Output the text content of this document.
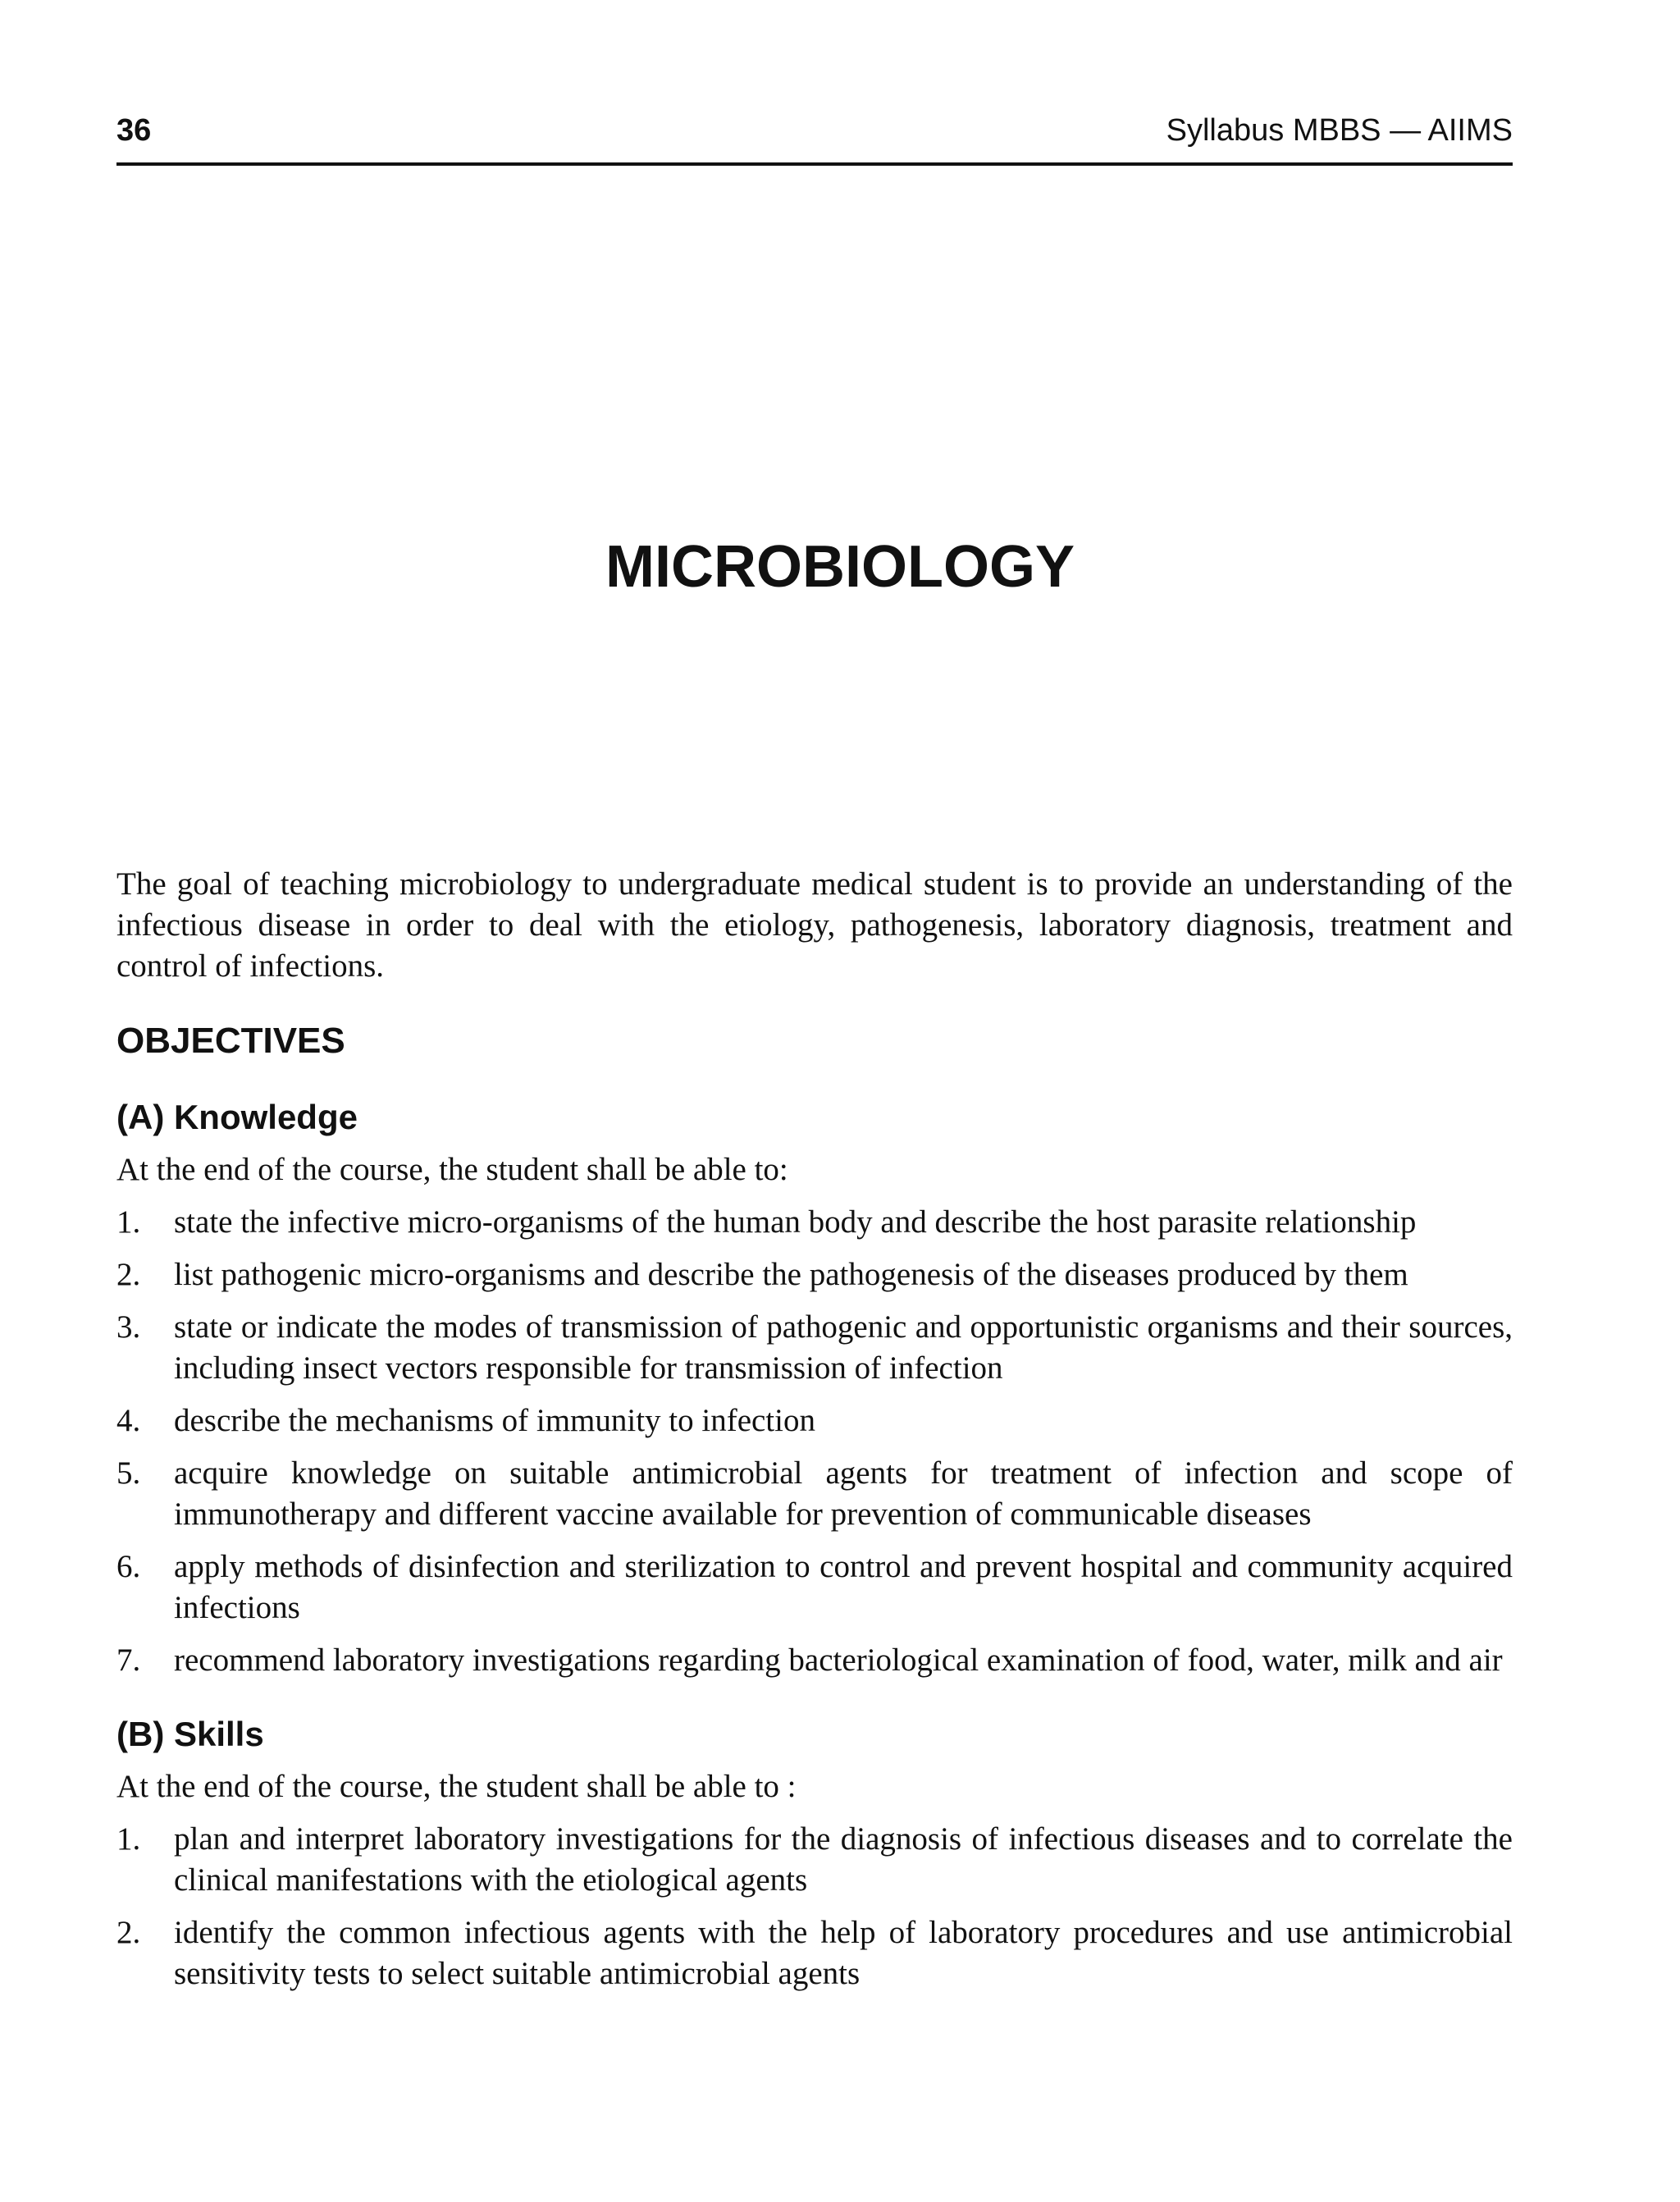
36	Syllabus MBBS — AIIMS
MICROBIOLOGY

The goal of teaching microbiology to undergraduate medical student is to provide an understanding of the infectious disease in order to deal with the etiology, pathogenesis, laboratory diagnosis, treatment and control of infections.

OBJECTIVES
(A) Knowledge

At the end of the course, the student shall be able to:

1. state the infective micro-organisms of the human body and describe the host parasite relationship
2. list pathogenic micro-organisms and describe the pathogenesis of the diseases produced by them
3. state or indicate the modes of transmission of pathogenic and opportunistic organisms and their sources, including insect vectors responsible for transmission of infection
4. describe the mechanisms of immunity to infection
5. acquire knowledge on suitable antimicrobial agents for treatment of infection and scope of immunotherapy and different vaccine available for prevention of communicable diseases
6. apply methods of disinfection and sterilization to control and prevent hospital and community acquired infections
7. recommend laboratory investigations regarding bacteriological examination of food, water, milk and air
(B) Skills

At the end of the course, the student shall be able to :

1. plan and interpret laboratory investigations for the diagnosis of infectious diseases and to correlate the clinical manifestations with the etiological agents
2. identify the common infectious agents with the help of laboratory procedures and use antimicrobial sensitivity tests to select suitable antimicrobial agents
